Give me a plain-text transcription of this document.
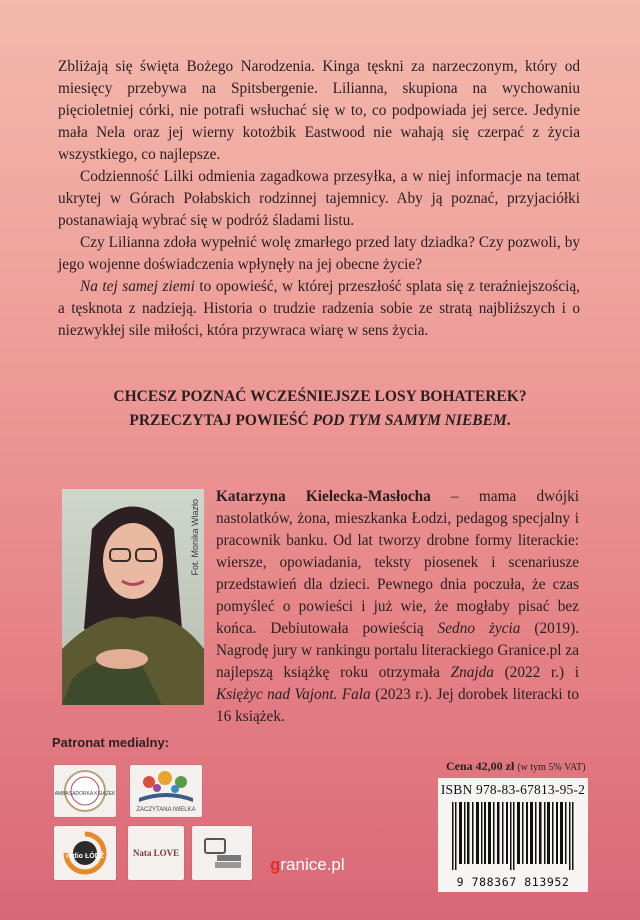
Zbliżają się święta Bożego Narodzenia. Kinga tęskni za narzeczonym, który od miesięcy przebywa na Spitsbergenie. Lilianna, skupiona na wychowaniu pięcioletniej córki, nie potrafi wsłuchać się w to, co podpowiada jej serce. Jedynie mała Nela oraz jej wierny kotożbik Eastwood nie wahają się czerpać z życia wszystkiego, co najlepsze.

Codzienność Lilki odmienia zagadkowa przesyłka, a w niej informacje na temat ukrytej w Górach Połabskich rodzinnej tajemnicy. Aby ją poznać, przyjaciółki postanawiają wybrać się w podróż śladami listu.

Czy Lilianna zdoła wypełnić wolę zmarłego przed laty dziadka? Czy pozwoli, by jego wojenne doświadczenia wpłynęły na jej obecne życie?

Na tej samej ziemi to opowieść, w której przeszłość splata się z teraźniejszością, a tęsknota z nadzieją. Historia o trudzie radzenia sobie ze stratą najbliższych i o niezwykłej sile miłości, która przywraca wiarę w sens życia.

CHCESZ POZNAĆ WCZEŚNIEJSZE LOSY BOHATEREK?
PRZECZYTAJ POWIEŚĆ POD TYM SAMYM NIEBEM.
Fot. Monika Wlazło
Katarzyna Kielecka-Masłocha – mama dwójki nastolatków, żona, mieszkanka Łodzi, pedagog specjalny i pracownik banku. Od lat tworzy drobne formy literackie: wiersze, opowiadania, teksty piosenek i scenariusze przedstawień dla dzieci. Pewnego dnia poczuła, że czas pomyśleć o powieści i już wie, że mogłaby pisać bez końca. Debiutowała powieścią Sedno życia (2019). Nagrodę jury w rankingu portalu literackiego Granice.pl za najlepszą książkę roku otrzymała Znajda (2022 r.) i Księżyc nad Vajont. Fala (2023 r.). Jej dorobek literacki to 16 książek.
Patronat medialny:
AMBASADORKA KSIĄŻEK
ZACZYTANA IWELKA
radio ŁÓDŹ	Nata LOVE
granice.pl
Cena 42,00 zł (w tym 5% VAT)
ISBN 978-83-67813-95-2
9 788367 813952
